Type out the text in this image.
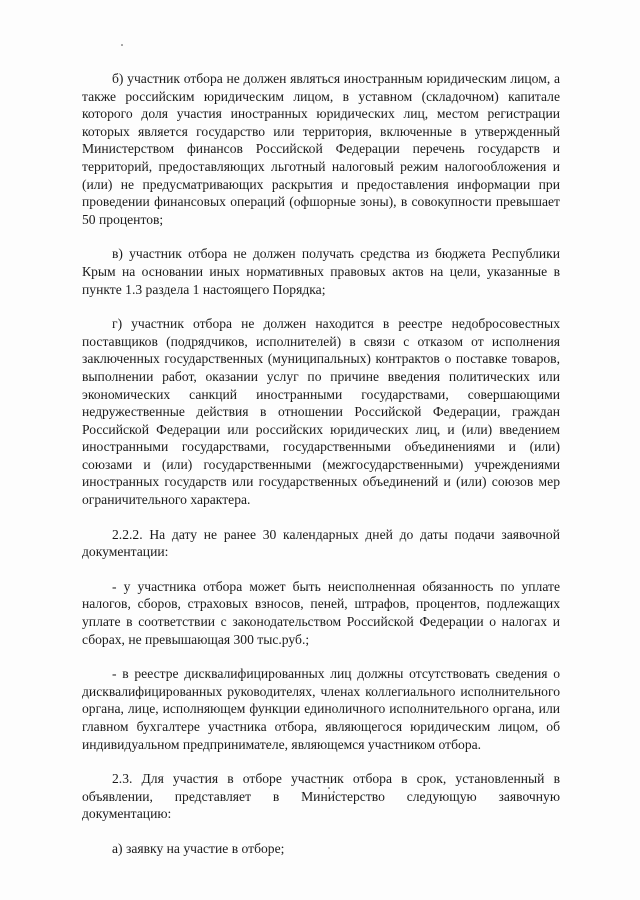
б) участник отбора не должен являться иностранным юридическим лицом, а также российским юридическим лицом, в уставном (складочном) капитале которого доля участия иностранных юридических лиц, местом регистрации которых является государство или территория, включенные в утвержденный Министерством финансов Российской Федерации перечень государств и территорий, предоставляющих льготный налоговый режим налогообложения и (или) не предусматривающих раскрытия и предоставления информации при проведении финансовых операций (офшорные зоны), в совокупности превышает 50 процентов;

в) участник отбора не должен получать средства из бюджета Республики Крым на основании иных нормативных правовых актов на цели, указанные в пункте 1.3 раздела 1 настоящего Порядка;

г) участник отбора не должен находится в реестре недобросовестных поставщиков (подрядчиков, исполнителей) в связи с отказом от исполнения заключенных государственных (муниципальных) контрактов о поставке товаров, выполнении работ, оказании услуг по причине введения политических или экономических санкций иностранными государствами, совершающими недружественные действия в отношении Российской Федерации, граждан Российской Федерации или российских юридических лиц, и (или) введением иностранными государствами, государственными объединениями и (или) союзами и (или) государственными (межгосударственными) учреждениями иностранных государств или государственных объединений и (или) союзов мер ограничительного характера.

2.2.2. На дату не ранее 30 календарных дней до даты подачи заявочной документации:

- у участника отбора может быть неисполненная обязанность по уплате налогов, сборов, страховых взносов, пеней, штрафов, процентов, подлежащих уплате в соответствии с законодательством Российской Федерации о налогах и сборах, не превышающая 300 тыс.руб.;

- в реестре дисквалифицированных лиц должны отсутствовать сведения о дисквалифицированных руководителях, членах коллегиального исполнительного органа, лице, исполняющем функции единоличного исполнительного органа, или главном бухгалтере участника отбора, являющегося юридическим лицом, об индивидуальном предпринимателе, являющемся участником отбора.

2.3. Для участия в отборе участник отбора в срок, установленный в объявлении, представляет в Министерство следующую заявочную документацию:

а) заявку на участие в отборе;
